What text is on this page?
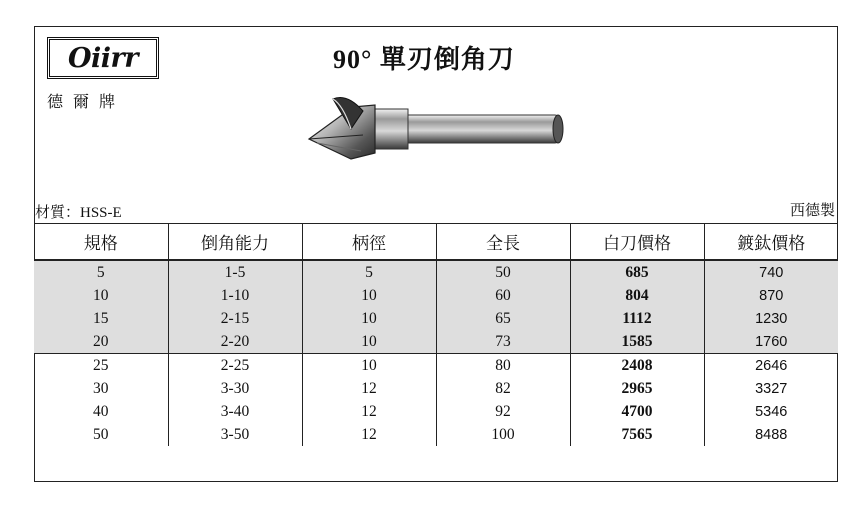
Oiirr
德爾牌
90° 單刃倒角刀
材質：HSS-E	西德製
規格	倒角能力	柄徑	全長	白刀價格	鍍鈦價格
5	1-5	5	50	685	740
10	1-10	10	60	804	870
15	2-15	10	65	1112	1230
20	2-20	10	73	1585	1760
25	2-25	10	80	2408	2646
30	3-30	12	82	2965	3327
40	3-40	12	92	4700	5346
50	3-50	12	100	7565	8488
